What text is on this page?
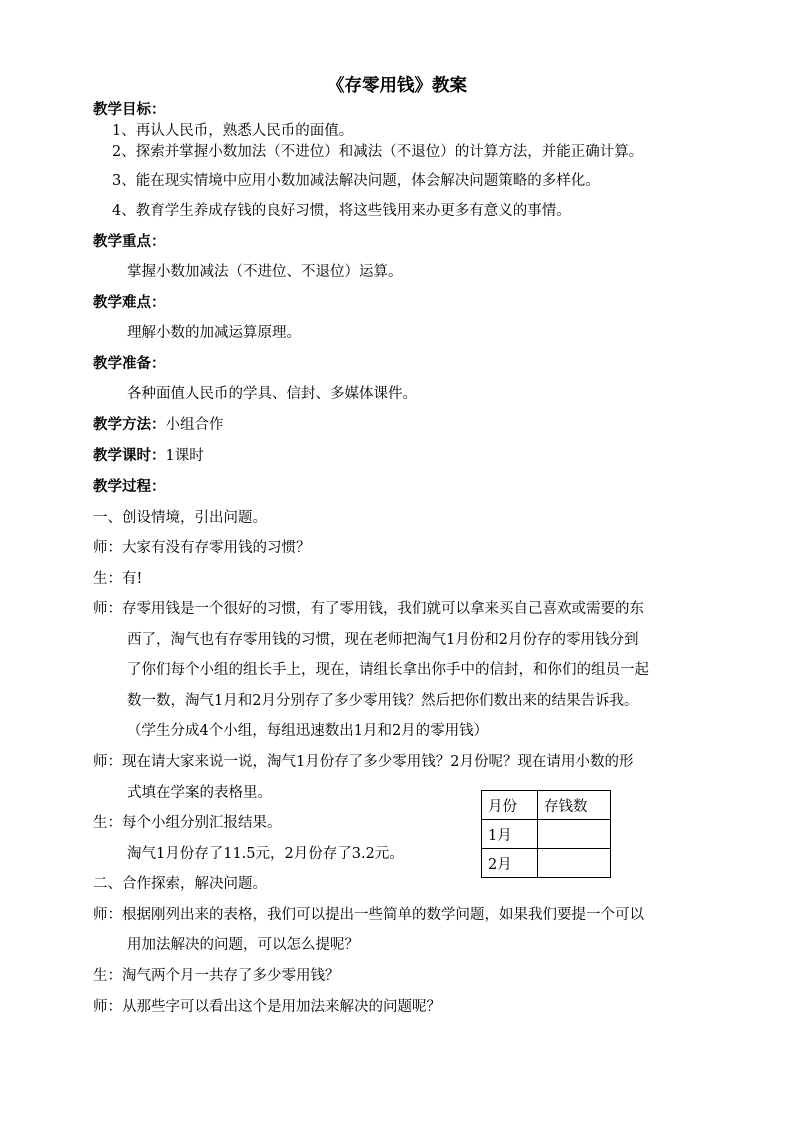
《存零用钱》教案
教学目标：
1、再认人民币，熟悉人民币的面值。
2、探索并掌握小数加法（不进位）和减法（不退位）的计算方法，并能正确计算。
3、能在现实情境中应用小数加减法解决问题，体会解决问题策略的多样化。
4、教育学生养成存钱的良好习惯，将这些钱用来办更多有意义的事情。
教学重点：
掌握小数加减法（不进位、不退位）运算。
教学难点：
理解小数的加减运算原理。
教学准备：
各种面值人民币的学具、信封、多媒体课件。
教学方法：小组合作
教学课时：1课时
教学过程：
一、创设情境，引出问题。
师：大家有没有存零用钱的习惯？
生：有!
师：存零用钱是一个很好的习惯，有了零用钱，我们就可以拿来买自己喜欢或需要的东
西了，淘气也有存零用钱的习惯，现在老师把淘气1月份和2月份存的零用钱分到
了你们每个小组的组长手上，现在，请组长拿出你手中的信封，和你们的组员一起
数一数，淘气1月和2月分别存了多少零用钱？然后把你们数出来的结果告诉我。
（学生分成4个小组，每组迅速数出1月和2月的零用钱）
师：现在请大家来说一说，淘气1月份存了多少零用钱？2月份呢？现在请用小数的形
式填在学案的表格里。
生：每个小组分别汇报结果。
淘气1月份存了11.5元，2月份存了3.2元。
二、合作探索，解决问题。
师：根据刚列出来的表格，我们可以提出一些简单的数学问题，如果我们要提一个可以
用加法解决的问题，可以怎么提呢？
生：淘气两个月一共存了多少零用钱？
师：从那些字可以看出这个是用加法来解决的问题呢？
月份	存钱数
1月	
2月	
